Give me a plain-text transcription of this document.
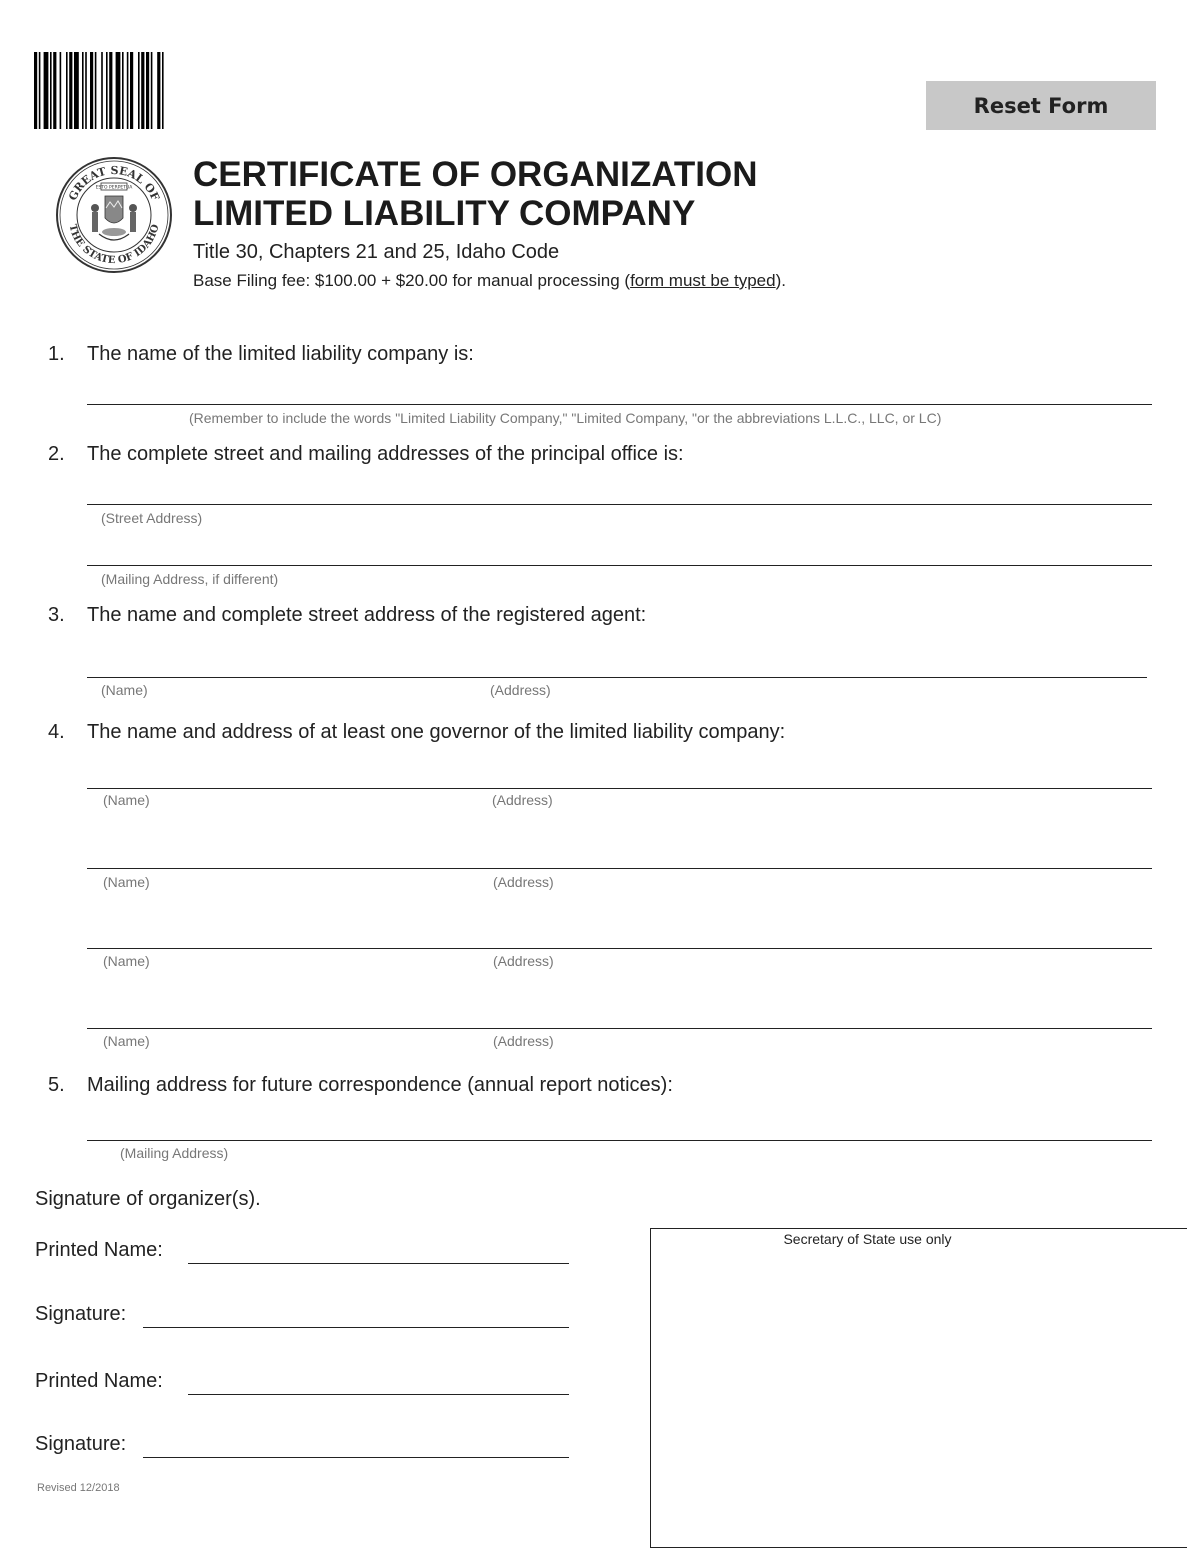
Reset Form
GREAT SEAL OF
THE STATE OF IDAHO
ESTO PERPETUA CERTIFICATE OF ORGANIZATION
LIMITED LIABILITY COMPANY
Title 30, Chapters 21 and 25, Idaho Code
Base Filing fee: $100.00 + $20.00 for manual processing (form must be typed).
1. The name of the limited liability company is:
(Remember to include the words "Limited Liability Company," "Limited Company, "or the abbreviations L.L.C., LLC, or LC)
2. The complete street and mailing addresses of the principal office is:
(Street Address)
(Mailing Address, if different)
3. The name and complete street address of the registered agent:
(Name)	(Address)
4. The name and address of at least one governor of the limited liability company:
(Name)	(Address)
(Name)	(Address)
(Name)	(Address)
(Name)	(Address)
5. Mailing address for future correspondence (annual report notices):
(Mailing Address)
Signature of organizer(s).
Printed Name:
Signature:
Printed Name:
Signature:
Revised 12/2018
Secretary of State use only
